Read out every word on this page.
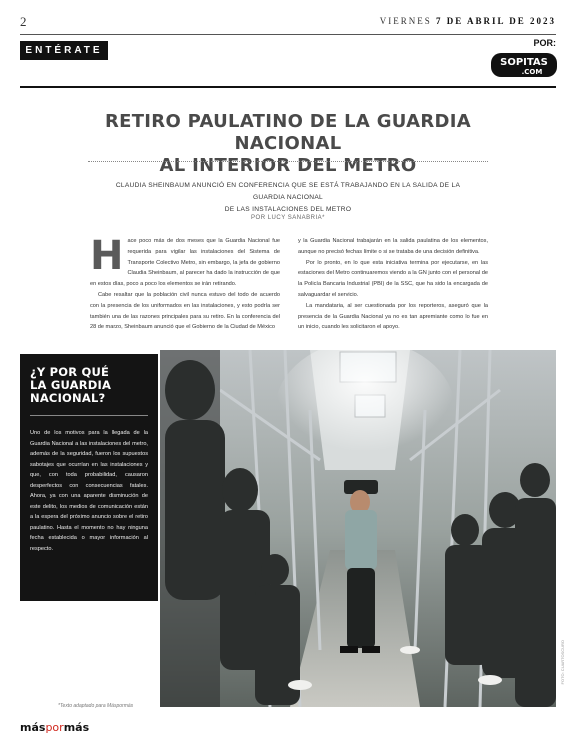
2	VIERNES 7 DE ABRIL DE 2023
ENTÉRATE
POR:
SOPITAS
.COM
RETIRO PAULATINO DE LA GUARDIA NACIONAL
AL INTERIOR DEL METRO
CLAUDIA SHEINBAUM ANUNCIÓ EN CONFERENCIA QUE SE ESTÁ TRABAJANDO EN LA SALIDA DE LA GUARDIA NACIONAL
DE LAS INSTALACIONES DEL METRO
POR LUCY SANABRIA*
H ace poco más de dos meses que la Guardia Nacional fue requerida para vigilar las instalaciones del Sistema de Transporte Colectivo Metro, sin embargo, la jefa de gobierno Claudia Sheinbaum, al parecer ha dado la instrucción de que en estos días, poco a poco los elementos se irán retirando.

Cabe resaltar que la población civil nunca estuvo del todo de acuerdo con la presencia de los uniformados en las instalaciones, y esto podría ser también una de las razones principales para su retiro. En la conferencia del 28 de marzo, Sheinbaum anunció que el Gobierno de la Ciudad de México

y la Guardia Nacional trabajarán en la salida paulatina de los elementos, aunque no precisó fechas límite o si se trataba de una decisión definitiva.

Por lo pronto, en lo que esta iniciativa termina por ejecutarse, en las estaciones del Metro continuaremos viendo a la GN junto con el personal de la Policía Bancaria Industrial (PBI) de la SSC, que ha sido la encargada de salvaguardar el servicio.

La mandataria, al ser cuestionada por los reporteros, aseguró que la presencia de la Guardia Nacional ya no es tan apremiante como lo fue en un inicio, cuando les solicitaron el apoyo.

¿Y POR QUÉ
LA GUARDIA
NACIONAL?

Uno de los motivos para la llegada de la Guardia Nacional a las instalaciones del metro, además de la seguridad, fueron los supuestos sabotajes que ocurrían en las instalaciones y que, con toda probabilidad, causaron desperfectos con consecuencias fatales. Ahora, ya con una aparente disminución de este delito, los medios de comunicación están a la espera del próximo anuncio sobre el retiro paulatino. Hasta el momento no hay ninguna fecha establecida o mayor información al respecto.

FOTO: CUARTOSCURO
*Texto adaptado para Máspormás
máspormás
